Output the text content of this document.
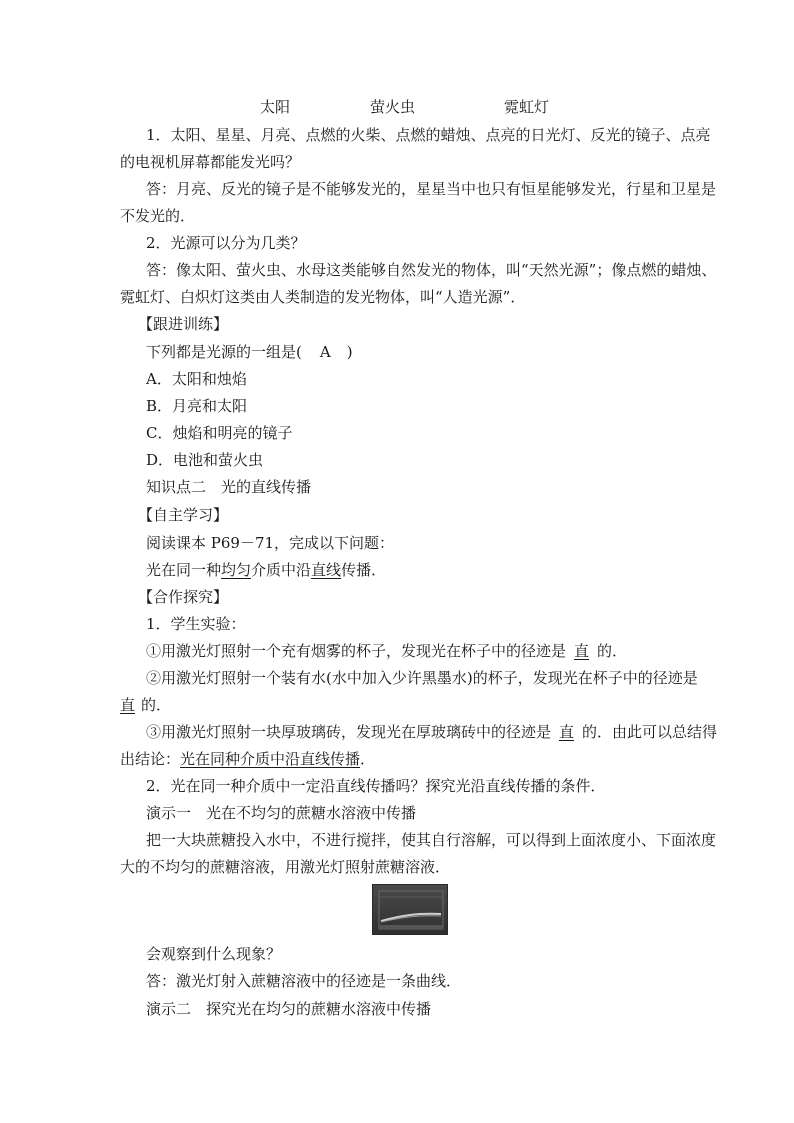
太阳	萤火虫	霓虹灯
1．太阳、星星、月亮、点燃的火柴、点燃的蜡烛、点亮的日光灯、反光的镜子、点亮
的电视机屏幕都能发光吗？
答：月亮、反光的镜子是不能够发光的，星星当中也只有恒星能够发光，行星和卫星是
不发光的．
2．光源可以分为几类？
答：像太阳、萤火虫、水母这类能够自然发光的物体，叫“天然光源”；像点燃的蜡烛、
霓虹灯、白炽灯这类由人类制造的发光物体，叫“人造光源”．
【跟进训练】
下列都是光源的一组是( A )
A．太阳和烛焰
B．月亮和太阳
C．烛焰和明亮的镜子
D．电池和萤火虫
知识点二　光的直线传播
【自主学习】
阅读课本 P69－71，完成以下问题：
光在同一种均匀介质中沿直线传播．
【合作探究】
1．学生实验：
①用激光灯照射一个充有烟雾的杯子，发现光在杯子中的径迹是 直 的．
②用激光灯照射一个装有水(水中加入少许黑墨水)的杯子，发现光在杯子中的径迹是
直 的．
③用激光灯照射一块厚玻璃砖，发现光在厚玻璃砖中的径迹是 直 的．由此可以总结得
出结论：光在同种介质中沿直线传播．
2．光在同一种介质中一定沿直线传播吗？探究光沿直线传播的条件．
演示一　光在不均匀的蔗糖水溶液中传播
把一大块蔗糖投入水中，不进行搅拌，使其自行溶解，可以得到上面浓度小、下面浓度
大的不均匀的蔗糖溶液，用激光灯照射蔗糖溶液．
会观察到什么现象？
答：激光灯射入蔗糖溶液中的径迹是一条曲线．
演示二　探究光在均匀的蔗糖水溶液中传播
